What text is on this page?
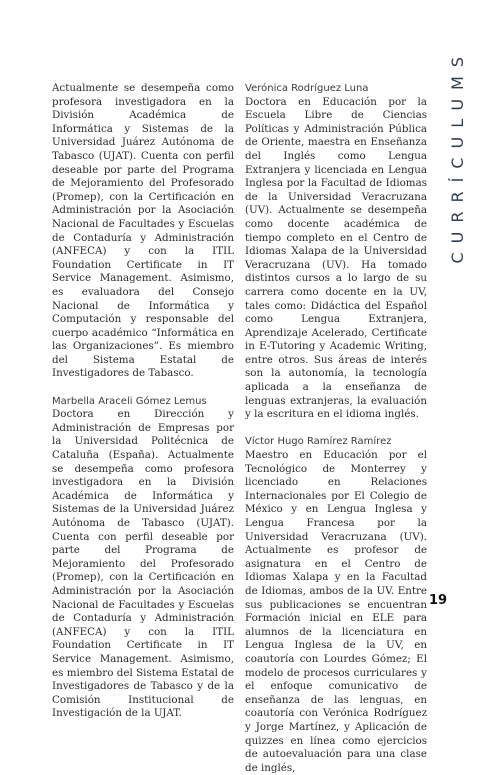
Actualmente se desempeña como profesora investigadora en la División Académica de Informática y Sistemas de la Universidad Juárez Autónoma de Tabasco (UJAT). Cuenta con perfil deseable por parte del Programa de Mejoramiento del Profesorado (Promep), con la Certificación en Administración por la Asociación Nacional de Facultades y Escuelas de Contaduría y Administración (ANFECA) y con la ITIL Foundation Certificate in IT Service Management. Asimismo, es evaluadora del Consejo Nacional de Informática y Computación y responsable del cuerpo académico “Informática en las Organizaciones”. Es miembro del Sistema Estatal de Investigadores de Tabasco.

Marbella Araceli Gómez Lemus

Doctora en Dirección y Administración de Empresas por la Universidad Politécnica de Cataluña (España). Actualmente se desempeña como profesora investigadora en la División Académica de Informática y Sistemas de la Universidad Juárez Autónoma de Tabasco (UJAT). Cuenta con perfil deseable por parte del Programa de Mejoramiento del Profesorado (Promep), con la Certificación en Administración por la Asociación Nacional de Facultades y Escuelas de Contaduría y Administración (ANFECA) y con la ITIL Foundation Certificate in IT Service Management. Asimismo, es miembro del Sistema Estatal de Investigadores de Tabasco y de la Comisión Institucional de Investigación de la UJAT.

Verónica Rodríguez Luna

Doctora en Educación por la Escuela Libre de Ciencias Políticas y Administración Pública de Oriente, maestra en Enseñanza del Inglés como Lengua Extranjera y licenciada en Lengua Inglesa por la Facultad de Idiomas de la Universidad Veracruzana (UV). Actualmente se desempeña como docente académica de tiempo completo en el Centro de Idiomas Xalapa de la Universidad Veracruzana (UV). Ha tomado distintos cursos a lo largo de su carrera como docente en la UV, tales como: Didáctica del Español como Lengua Extranjera, Aprendizaje Acelerado, Certificate in E-Tutoring y Academic Writing, entre otros. Sus áreas de interés son la autonomía, la tecnología aplicada a la enseñanza de lenguas extranjeras, la evaluación y la escritura en el idioma inglés.

Víctor Hugo Ramírez Ramírez

Maestro en Educación por el Tecnológico de Monterrey y licenciado en Relaciones Internacionales por El Colegio de México y en Lengua Inglesa y Lengua Francesa por la Universidad Veracruzana (UV). Actualmente es profesor de asignatura en el Centro de Idiomas Xalapa y en la Facultad de Idiomas, ambos de la UV. Entre sus publicaciones se encuentran Formación inicial en ELE para alumnos de la licenciatura en Lengua Inglesa de la UV, en coautoría con Lourdes Gómez; El modelo de procesos curriculares y el enfoque comunicativo de enseñanza de las lenguas, en coautoría con Verónica Rodríguez y Jorge Martínez, y Aplicación de quizzes en línea como ejercicios de autoevaluación para una clase de inglés,

CURRÍCULUMS
19
